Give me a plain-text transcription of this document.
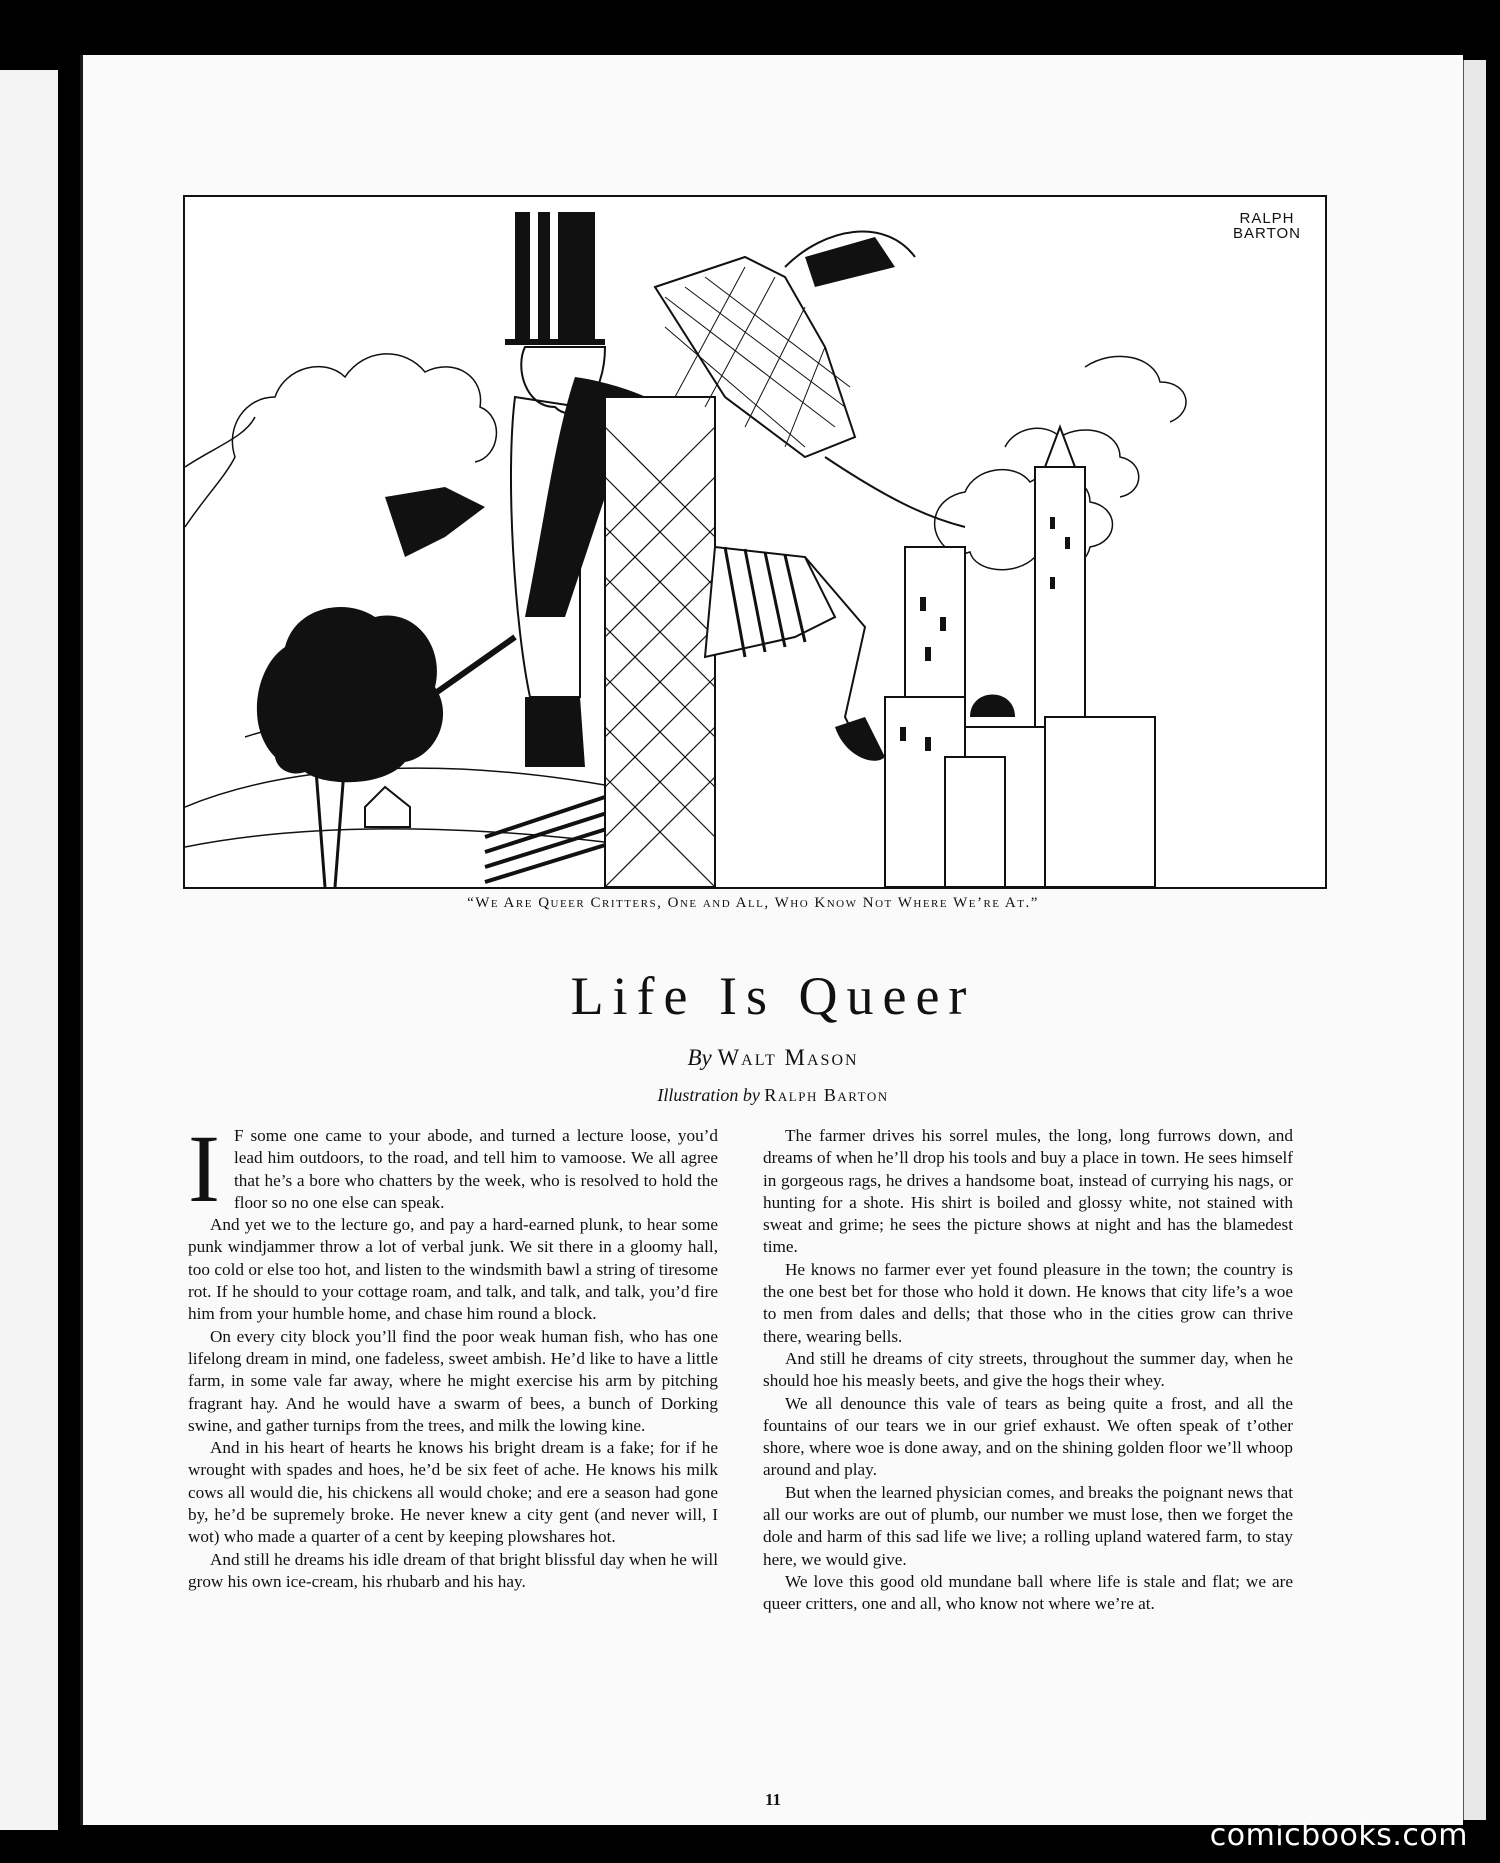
RALPH
BARTON
“We Are Queer Critters, One and All, Who Know Not Where We’re At.”
Life Is Queer
By Walt Mason
Illustration by Ralph Barton

I F some one came to your abode, and turned a lecture loose, you’d lead him outdoors, to the road, and tell him to vamoose. We all agree that he’s a bore who chatters by the week, who is resolved to hold the floor so no one else can speak.

And yet we to the lecture go, and pay a hard-earned plunk, to hear some punk windjammer throw a lot of verbal junk. We sit there in a gloomy hall, too cold or else too hot, and listen to the windsmith bawl a string of tiresome rot. If he should to your cottage roam, and talk, and talk, and talk, you’d fire him from your humble home, and chase him round a block.

On every city block you’ll find the poor weak human fish, who has one lifelong dream in mind, one fadeless, sweet ambish. He’d like to have a little farm, in some vale far away, where he might exercise his arm by pitching fragrant hay. And he would have a swarm of bees, a bunch of Dorking swine, and gather turnips from the trees, and milk the lowing kine.

And in his heart of hearts he knows his bright dream is a fake; for if he wrought with spades and hoes, he’d be six feet of ache. He knows his milk cows all would die, his chickens all would choke; and ere a season had gone by, he’d be supremely broke. He never knew a city gent (and never will, I wot) who made a quarter of a cent by keeping plowshares hot.

And still he dreams his idle dream of that bright blissful day when he will grow his own ice-cream, his rhubarb and his hay.

The farmer drives his sorrel mules, the long, long furrows down, and dreams of when he’ll drop his tools and buy a place in town. He sees himself in gorgeous rags, he drives a handsome boat, instead of currying his nags, or hunting for a shote. His shirt is boiled and glossy white, not stained with sweat and grime; he sees the picture shows at night and has the blamedest time.

He knows no farmer ever yet found pleasure in the town; the country is the one best bet for those who hold it down. He knows that city life’s a woe to men from dales and dells; that those who in the cities grow can thrive there, wearing bells.

And still he dreams of city streets, throughout the summer day, when he should hoe his measly beets, and give the hogs their whey.

We all denounce this vale of tears as being quite a frost, and all the fountains of our tears we in our grief exhaust. We often speak of t’other shore, where woe is done away, and on the shining golden floor we’ll whoop around and play.

But when the learned physician comes, and breaks the poignant news that all our works are out of plumb, our number we must lose, then we forget the dole and harm of this sad life we live; a rolling upland watered farm, to stay here, we would give.

We love this good old mundane ball where life is stale and flat; we are queer critters, one and all, who know not where we’re at.

11
comicbooks.com
